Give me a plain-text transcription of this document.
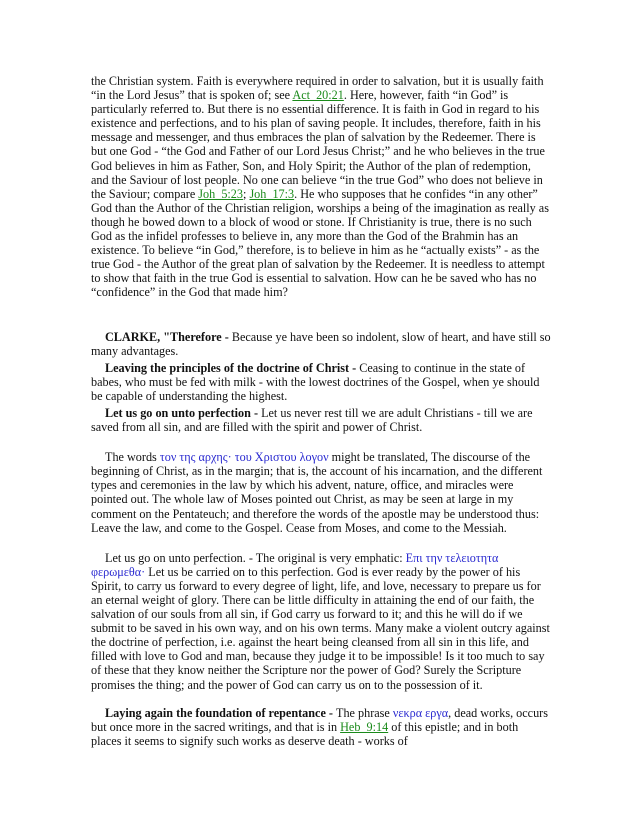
the Christian system. Faith is everywhere required in order to salvation, but it is usually faith “in the Lord Jesus” that is spoken of; see Act_20:21. Here, however, faith “in God” is particularly referred to. But there is no essential difference. It is faith in God in regard to his existence and perfections, and to his plan of saving people. It includes, therefore, faith in his message and messenger, and thus embraces the plan of salvation by the Redeemer. There is but one God - “the God and Father of our Lord Jesus Christ;” and he who believes in the true God believes in him as Father, Son, and Holy Spirit; the Author of the plan of redemption, and the Saviour of lost people. No one can believe “in the true God” who does not believe in the Saviour; compare Joh_5:23; Joh_17:3. He who supposes that he confides “in any other” God than the Author of the Christian religion, worships a being of the imagination as really as though he bowed down to a block of wood or stone. If Christianity is true, there is no such God as the infidel professes to believe in, any more than the God of the Brahmin has an existence. To believe “in God,” therefore, is to believe in him as he “actually exists” - as the true God - the Author of the great plan of salvation by the Redeemer. It is needless to attempt to show that faith in the true God is essential to salvation. How can he be saved who has no “confidence” in the God that made him?

CLARKE, "Therefore - Because ye have been so indolent, slow of heart, and have still so many advantages.

Leaving the principles of the doctrine of Christ - Ceasing to continue in the state of babes, who must be fed with milk - with the lowest doctrines of the Gospel, when ye should be capable of understanding the highest.

Let us go on unto perfection - Let us never rest till we are adult Christians - till we are saved from all sin, and are filled with the spirit and power of Christ.

The words τον της αρχης· του Χριστου λογον might be translated, The discourse of the beginning of Christ, as in the margin; that is, the account of his incarnation, and the different types and ceremonies in the law by which his advent, nature, office, and miracles were pointed out. The whole law of Moses pointed out Christ, as may be seen at large in my comment on the Pentateuch; and therefore the words of the apostle may be understood thus: Leave the law, and come to the Gospel. Cease from Moses, and come to the Messiah.

Let us go on unto perfection. - The original is very emphatic: Επι την τελειοτητα φερωμεθα· Let us be carried on to this perfection. God is ever ready by the power of his Spirit, to carry us forward to every degree of light, life, and love, necessary to prepare us for an eternal weight of glory. There can be little difficulty in attaining the end of our faith, the salvation of our souls from all sin, if God carry us forward to it; and this he will do if we submit to be saved in his own way, and on his own terms. Many make a violent outcry against the doctrine of perfection, i.e. against the heart being cleansed from all sin in this life, and filled with love to God and man, because they judge it to be impossible! Is it too much to say of these that they know neither the Scripture nor the power of God? Surely the Scripture promises the thing; and the power of God can carry us on to the possession of it.

Laying again the foundation of repentance - The phrase νεκρα εργα, dead works, occurs but once more in the sacred writings, and that is in Heb_9:14 of this epistle; and in both places it seems to signify such works as deserve death - works of
